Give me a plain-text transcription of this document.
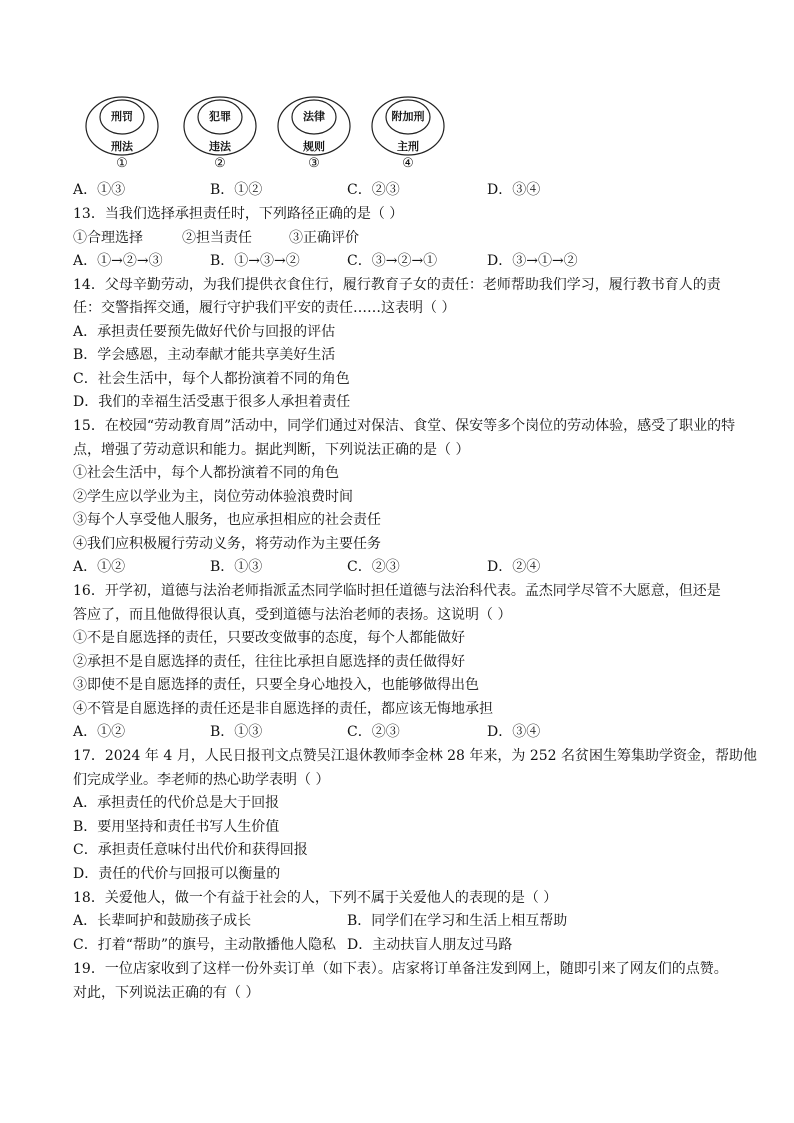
刑罚
刑法
①
犯罪
违法
②
法律
规则
③
附加刑
主刑
④
A．①③	B．①②	C．②③	D．③④
13．当我们选择承担责任时，下列路径正确的是（ ）
①合理选择	②担当责任	③正确评价
A．①→②→③	B．①→③→②	C．③→②→①	D．③→①→②
14．父母辛勤劳动，为我们提供衣食住行，履行教育子女的责任：老师帮助我们学习，履行教书育人的责
任：交警指挥交通，履行守护我们平安的责任……这表明（ ）
A．承担责任要预先做好代价与回报的评估
B．学会感恩，主动奉献才能共享美好生活
C．社会生活中，每个人都扮演着不同的角色
D．我们的幸福生活受惠于很多人承担着责任
15．在校园“劳动教育周”活动中，同学们通过对保洁、食堂、保安等多个岗位的劳动体验，感受了职业的特
点，增强了劳动意识和能力。据此判断，下列说法正确的是（ ）
①社会生活中，每个人都扮演着不同的角色
②学生应以学业为主，岗位劳动体验浪费时间
③每个人享受他人服务，也应承担相应的社会责任
④我们应积极履行劳动义务，将劳动作为主要任务
A．①②	B．①③	C．②③	D．②④
16．开学初，道德与法治老师指派孟杰同学临时担任道德与法治科代表。孟杰同学尽管不大愿意，但还是
答应了，而且他做得很认真，受到道德与法治老师的表扬。这说明（ ）
①不是自愿选择的责任，只要改变做事的态度，每个人都能做好
②承担不是自愿选择的责任，往往比承担自愿选择的责任做得好
③即使不是自愿选择的责任，只要全身心地投入，也能够做得出色
④不管是自愿选择的责任还是非自愿选择的责任，都应该无悔地承担
A．①②	B．①③	C．②③	D．③④
17．2024 年 4 月，人民日报刊文点赞吴江退休教师李金林 28 年来，为 252 名贫困生筹集助学资金，帮助他
们完成学业。李老师的热心助学表明（ ）
A．承担责任的代价总是大于回报
B．要用坚持和责任书写人生价值
C．承担责任意味付出代价和获得回报
D．责任的代价与回报可以衡量的
18．关爱他人，做一个有益于社会的人，下列不属于关爱他人的表现的是（ ）
A．长辈呵护和鼓励孩子成长	B．同学们在学习和生活上相互帮助
C．打着“帮助”的旗号，主动散播他人隐私 D．主动扶盲人朋友过马路
19．一位店家收到了这样一份外卖订单（如下表）。店家将订单备注发到网上，随即引来了网友们的点赞。
对此，下列说法正确的有（ ）
